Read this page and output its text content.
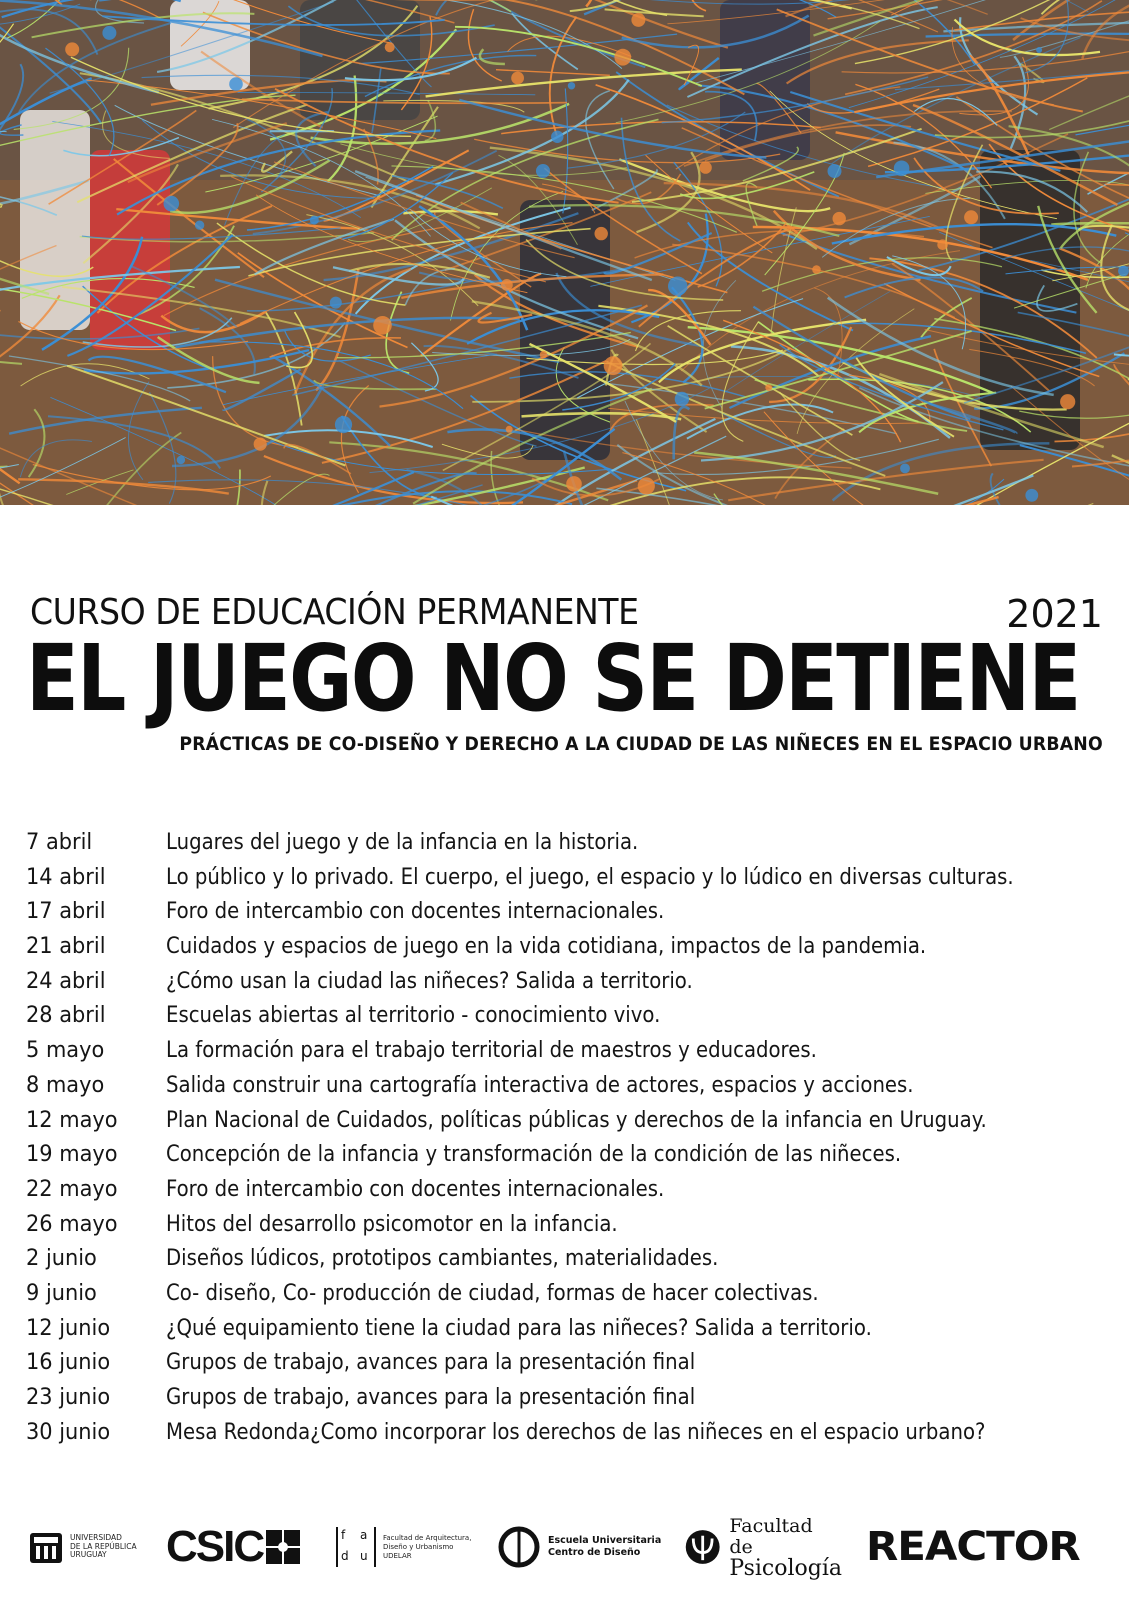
CURSO DE EDUCACIÓN PERMANENTE	2021
EL JUEGO NO SE DETIENE
PRÁCTICAS DE CO-DISEÑO Y DERECHO A LA CIUDAD DE LAS NIÑECES EN EL ESPACIO URBANO
7 abril	Lugares del juego y de la infancia en la historia.
14 abril	Lo público y lo privado. El cuerpo, el juego, el espacio y lo lúdico en diversas culturas.
17 abril	Foro de intercambio con docentes internacionales.
21 abril	Cuidados y espacios de juego en la vida cotidiana, impactos de la pandemia.
24 abril	¿Cómo usan la ciudad las niñeces? Salida a territorio.
28 abril	Escuelas abiertas al territorio - conocimiento vivo.
5 mayo	La formación para el trabajo territorial de maestros y educadores.
8 mayo	Salida construir una cartografía interactiva de actores, espacios y acciones.
12 mayo Plan Nacional de Cuidados, políticas públicas y derechos de la infancia en Uruguay.
19 mayo Concepción de la infancia y transformación de la condición de las niñeces.
22 mayo Foro de intercambio con docentes internacionales.
26 mayo Hitos del desarrollo psicomotor en la infancia.
2 junio	Diseños lúdicos, prototipos cambiantes, materialidades.
9 junio	Co- diseño, Co- producción de ciudad, formas de hacer colectivas.
12 junio	¿Qué equipamiento tiene la ciudad para las niñeces? Salida a territorio.
16 junio	Grupos de trabajo, avances para la presentación final
23 junio	Grupos de trabajo, avances para la presentación final
30 junio	Mesa Redonda¿Como incorporar los derechos de las niñeces en el espacio urbano?
UNIVERSIDAD
DE LA REPÚBLICA
URUGUAY	CSIC	f a
d u
Facultad de Arquitectura,
Diseño y Urbanismo
UDELAR
Escuela Universitaria
Centro de Diseño
Facultad de
Psicología REACTOR
